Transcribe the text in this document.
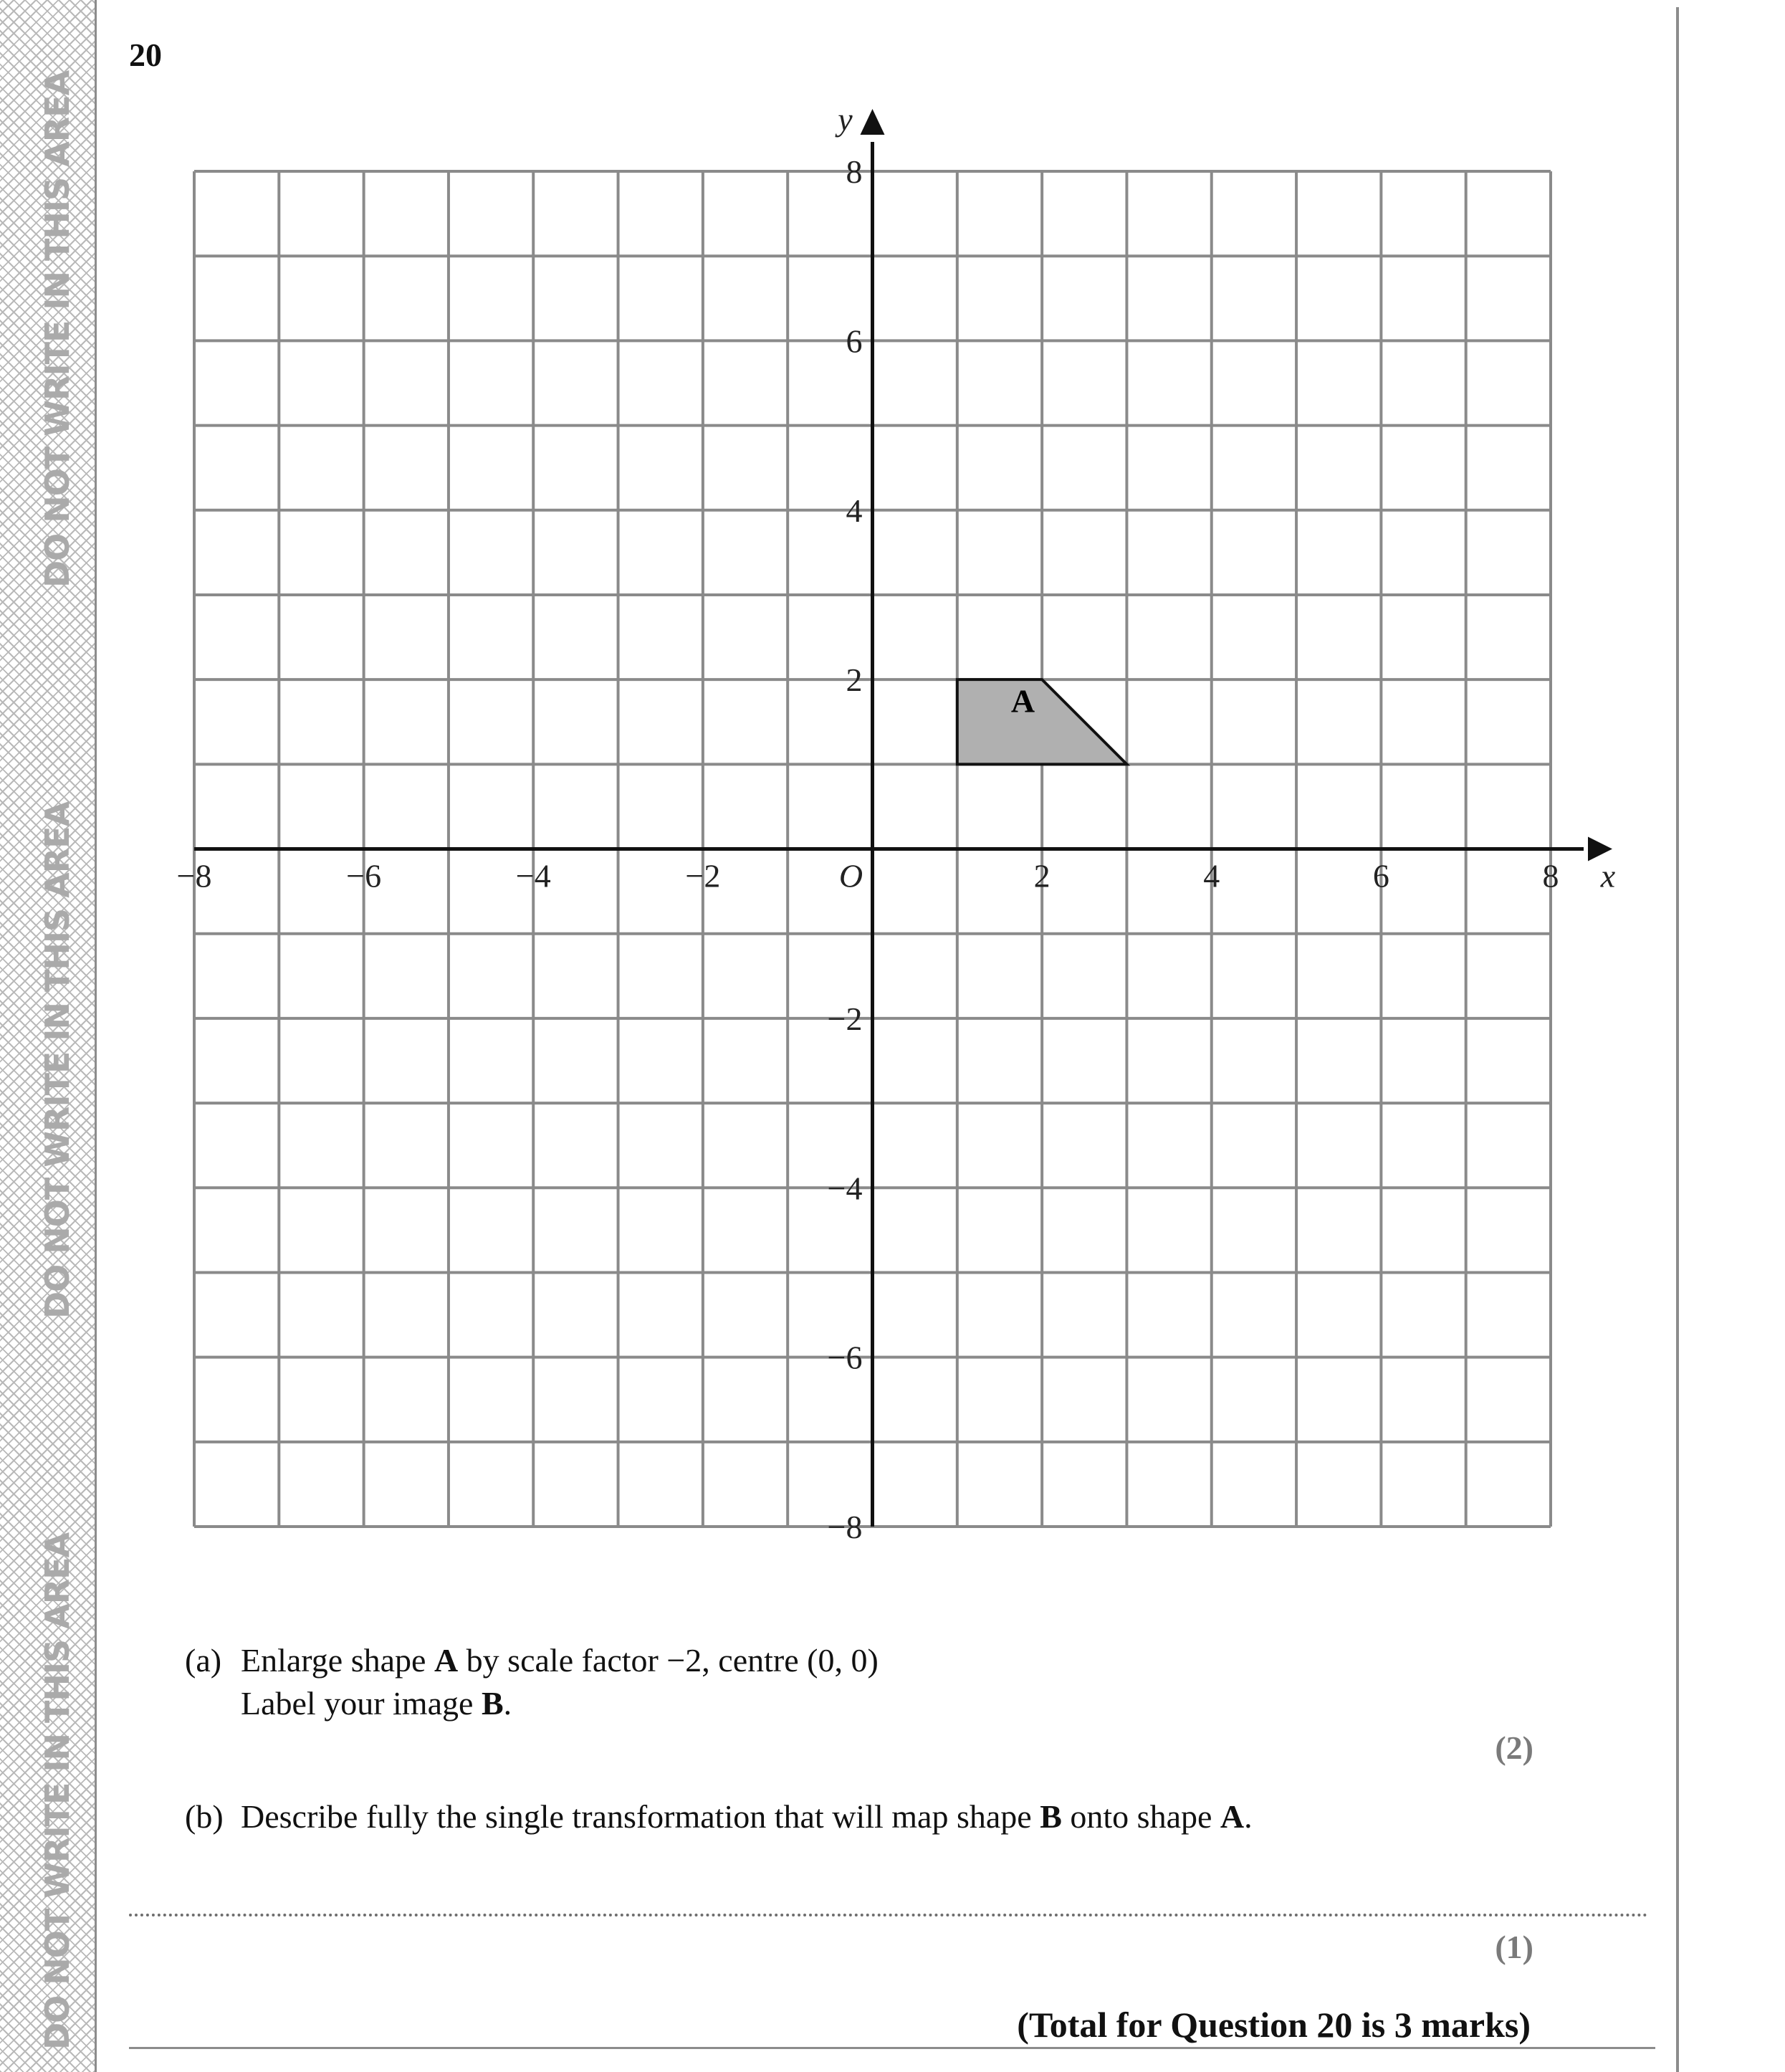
DO NOT WRITE IN THIS AREA
DO NOT WRITE IN THIS AREA
DO NOT WRITE IN THIS AREA
20
A
−8	−6	−4	−2	2	4	6	8
8
6
4
2
−2
−4
−6
−8
O	x
y
(a) Enlarge shape A by scale factor −2, centre (0, 0)
Label your image B.
(2)
(b) Describe fully the single transformation that will map shape B onto shape A.
(1)
(Total for Question 20 is 3 marks)
